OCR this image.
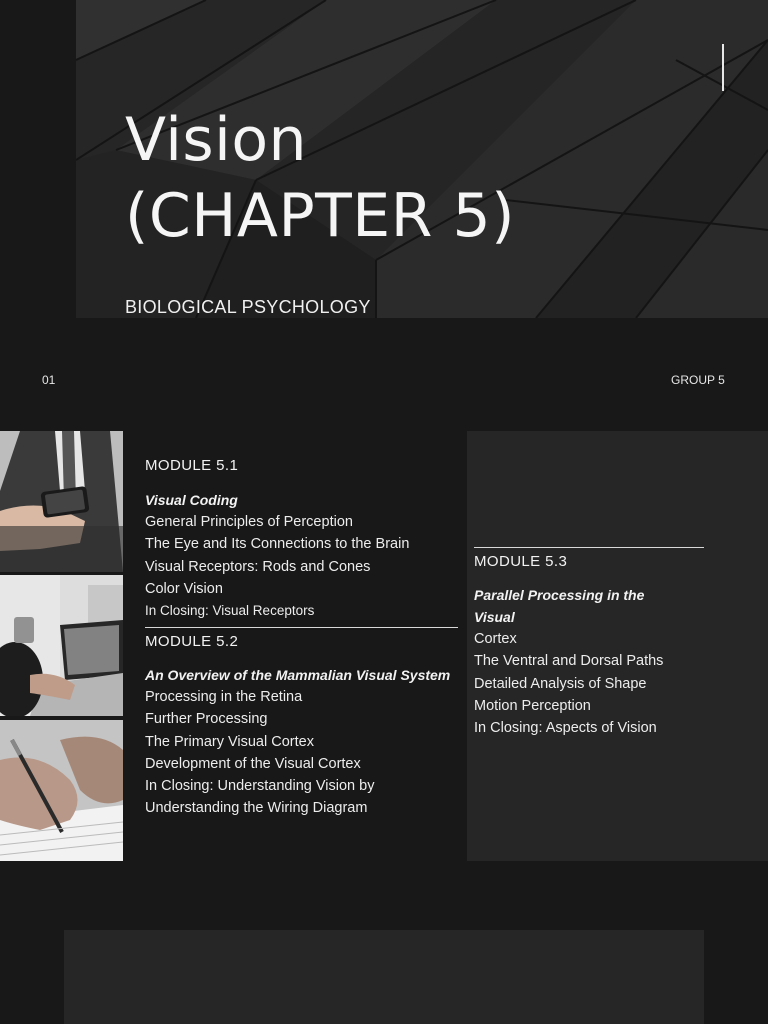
Vision
(CHAPTER 5)
BIOLOGICAL PSYCHOLOGY
01	GROUP 5
MODULE 5.1
Visual Coding
General Principles of Perception
The Eye and Its Connections to the Brain
Visual Receptors: Rods and Cones
Color Vision
In Closing: Visual Receptors
MODULE 5.2
An Overview of the Mammalian Visual System
Processing in the Retina
Further Processing
The Primary Visual Cortex
Development of the Visual Cortex
In Closing: Understanding Vision by
Understanding the Wiring Diagram
MODULE 5.3
Parallel Processing in the
Visual
Cortex
The Ventral and Dorsal Paths
Detailed Analysis of Shape
Motion Perception
In Closing: Aspects of Vision
